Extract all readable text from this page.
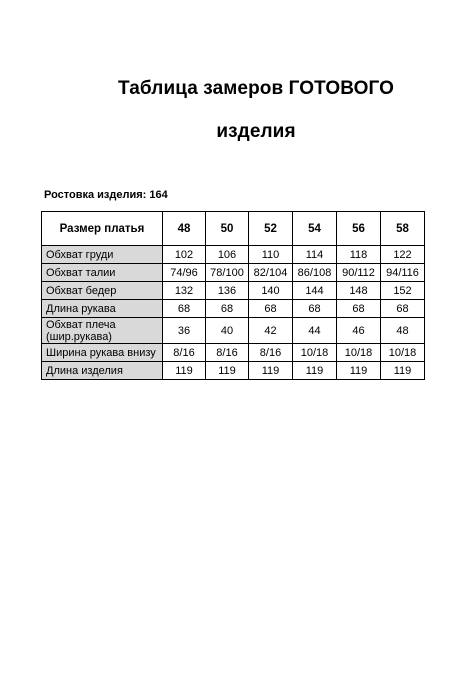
Таблица замеров ГОТОВОГО
изделия
Ростовка изделия: 164
Размер платья	48	50	52	54	56	58
Обхват груди	102	106	110	114	118	122
Обхват талии	74/96	78/100	82/104	86/108	90/112	94/116
Обхват бедер	132	136	140	144	148	152
Длина рукава	68	68	68	68	68	68
Обхват плеча (шир.рукава)	36	40	42	44	46	48
Ширина рукава внизу	8/16	8/16	8/16	10/18	10/18	10/18
Длина изделия	119	119	119	119	119	119
